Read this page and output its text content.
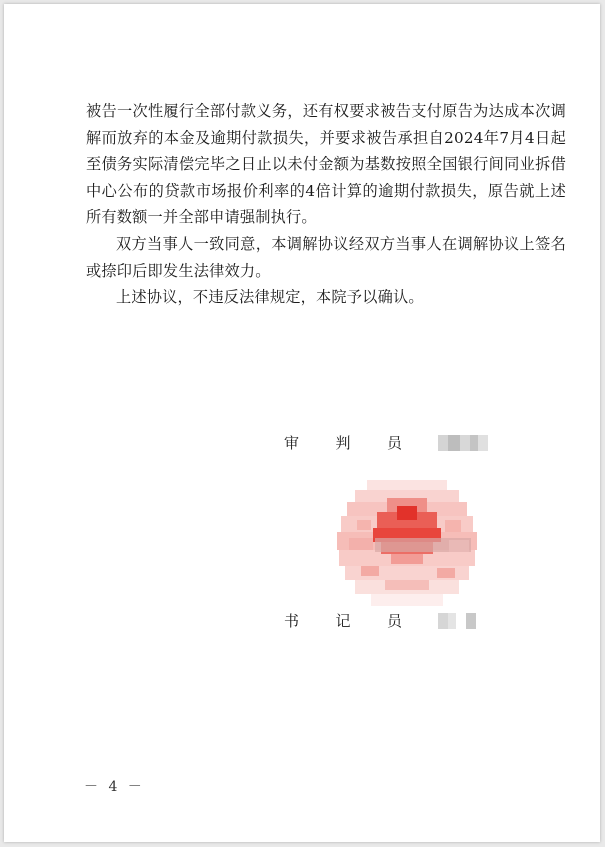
被告一次性履行全部付款义务，还有权要求被告支付原告为达成本次调解而放弃的本金及逾期付款损失，并要求被告承担自2024年7月4日起至债务实际清偿完毕之日止以未付金额为基数按照全国银行间同业拆借中心公布的贷款市场报价利率的4倍计算的逾期付款损失，原告就上述所有数额一并全部申请强制执行。

双方当事人一致同意，本调解协议经双方当事人在调解协议上签名或捺印后即发生法律效力。

上述协议，不违反法律规定，本院予以确认。

审 判 员
书 记 员
－ 4 －
